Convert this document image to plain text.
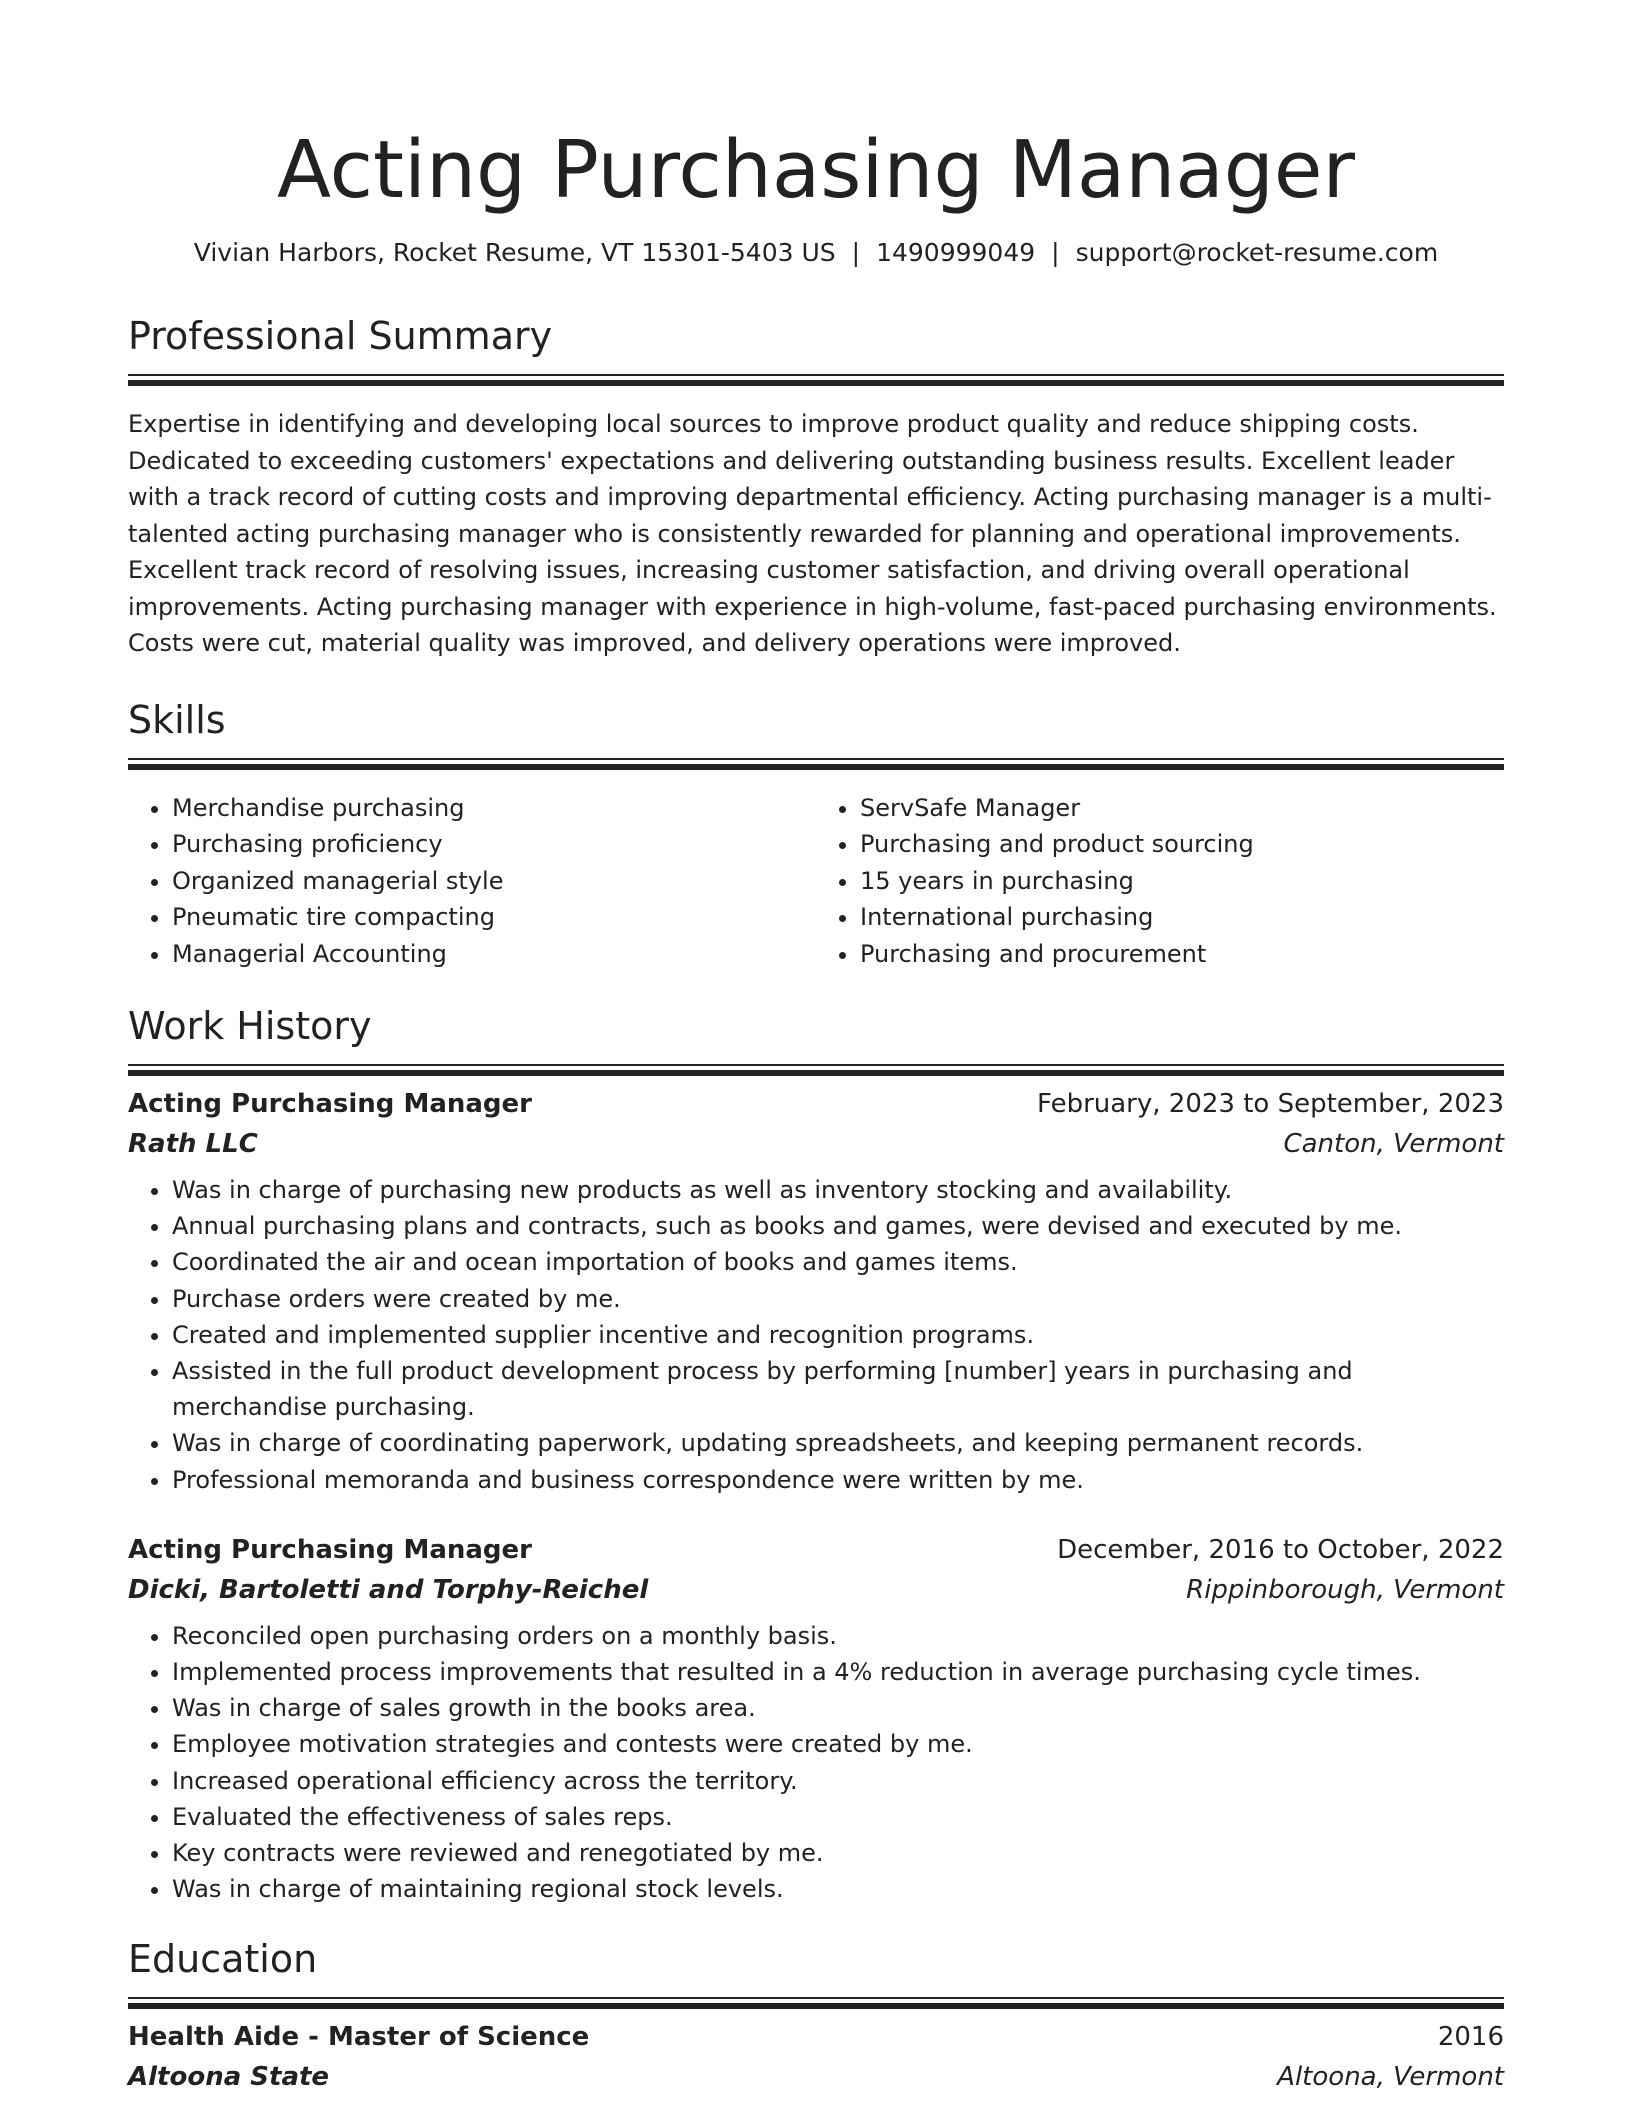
Acting Purchasing Manager
Vivian Harbors, Rocket Resume, VT 15301-5403 US | 1490999049 | support@rocket-resume.com
Professional Summary

Expertise in identifying and developing local sources to improve product quality and reduce shipping costs. Dedicated to exceeding customers' expectations and delivering outstanding business results. Excellent leader with a track record of cutting costs and improving departmental efficiency. Acting purchasing manager is a multi-talented acting purchasing manager who is consistently rewarded for planning and operational improvements. Excellent track record of resolving issues, increasing customer satisfaction, and driving overall operational improvements. Acting purchasing manager with experience in high-volume, fast-paced purchasing environments. Costs were cut, material quality was improved, and delivery operations were improved.

Skills
• Merchandise purchasing
• Purchasing proficiency
• Organized managerial style
• Pneumatic tire compacting
• Managerial Accounting
• ServSafe Manager
• Purchasing and product sourcing
• 15 years in purchasing
• International purchasing
• Purchasing and procurement
Work History
Acting Purchasing Manager	February, 2023 to September, 2023
Rath LLC	Canton, Vermont
• Was in charge of purchasing new products as well as inventory stocking and availability.
• Annual purchasing plans and contracts, such as books and games, were devised and executed by me.
• Coordinated the air and ocean importation of books and games items.
• Purchase orders were created by me.
• Created and implemented supplier incentive and recognition programs.
• Assisted in the full product development process by performing [number] years in purchasing and merchandise purchasing.
• Was in charge of coordinating paperwork, updating spreadsheets, and keeping permanent records.
• Professional memoranda and business correspondence were written by me.
Acting Purchasing Manager	December, 2016 to October, 2022
Dicki, Bartoletti and Torphy-Reichel	Rippinborough, Vermont
• Reconciled open purchasing orders on a monthly basis.
• Implemented process improvements that resulted in a 4% reduction in average purchasing cycle times.
• Was in charge of sales growth in the books area.
• Employee motivation strategies and contests were created by me.
• Increased operational efficiency across the territory.
• Evaluated the effectiveness of sales reps.
• Key contracts were reviewed and renegotiated by me.
• Was in charge of maintaining regional stock levels.
Education
Health Aide - Master of Science	2016
Altoona State	Altoona, Vermont
